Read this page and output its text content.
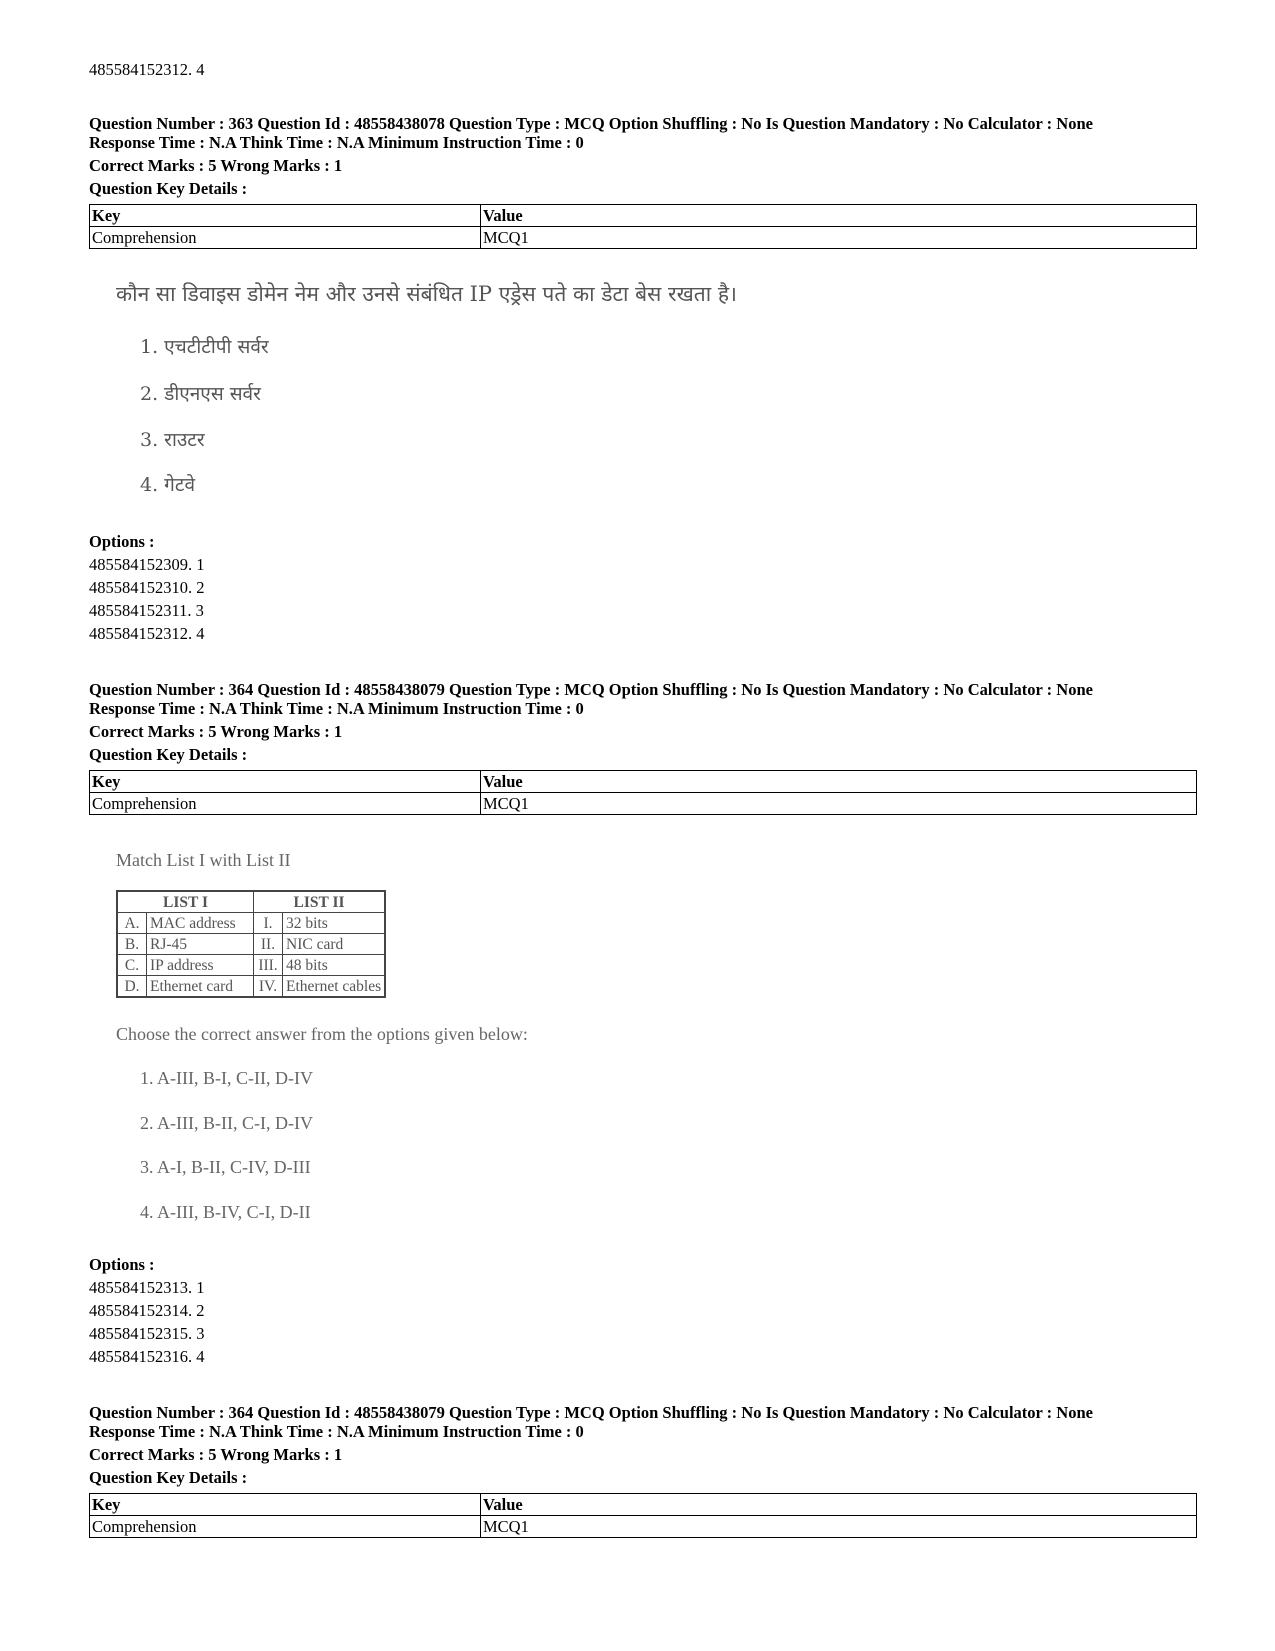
485584152312. 4
Question Number : 363 Question Id : 48558438078 Question Type : MCQ Option Shuffling : No Is Question Mandatory : No Calculator : None
Response Time : N.A Think Time : N.A Minimum Instruction Time : 0
Correct Marks : 5 Wrong Marks : 1
Question Key Details :
Key	Value
Comprehension	MCQ1
कौन सा डिवाइस डोमेन नेम और उनसे संबंधित IP एड्रेस पते का डेटा बेस रखता है।
1. एचटीटीपी सर्वर
2. डीएनएस सर्वर
3. राउटर
4. गेटवे
Options :
485584152309. 1
485584152310. 2
485584152311. 3
485584152312. 4
Question Number : 364 Question Id : 48558438079 Question Type : MCQ Option Shuffling : No Is Question Mandatory : No Calculator : None
Response Time : N.A Think Time : N.A Minimum Instruction Time : 0
Correct Marks : 5 Wrong Marks : 1
Question Key Details :
Key	Value
Comprehension	MCQ1
Match List I with List II
LIST I		LIST II	
A.	MAC address	I.	32 bits
B.	RJ-45	II.	NIC card
C.	IP address	III.	48 bits
D.	Ethernet card	IV.	Ethernet cables
Choose the correct answer from the options given below:
1. A-III, B-I, C-II, D-IV
2. A-III, B-II, C-I, D-IV
3. A-I, B-II, C-IV, D-III
4. A-III, B-IV, C-I, D-II
Options :
485584152313. 1
485584152314. 2
485584152315. 3
485584152316. 4
Question Number : 364 Question Id : 48558438079 Question Type : MCQ Option Shuffling : No Is Question Mandatory : No Calculator : None
Response Time : N.A Think Time : N.A Minimum Instruction Time : 0
Correct Marks : 5 Wrong Marks : 1
Question Key Details :
Key	Value
Comprehension	MCQ1
